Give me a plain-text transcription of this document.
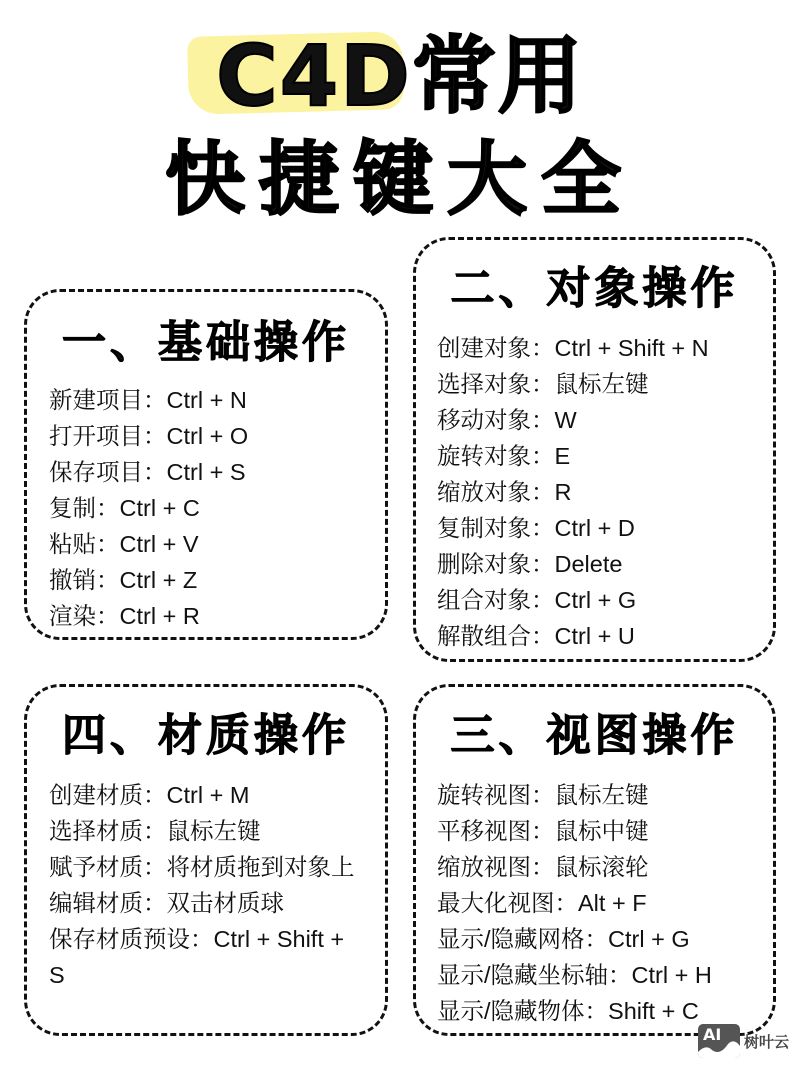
C4D常用
快捷键大全
一、基础操作
新建项目：Ctrl + N
打开项目：Ctrl + O
保存项目：Ctrl + S
复制：Ctrl + C
粘贴：Ctrl + V
撤销：Ctrl + Z
渲染：Ctrl + R
二、对象操作
创建对象：Ctrl + Shift + N
选择对象：鼠标左键
移动对象：W
旋转对象：E
缩放对象：R
复制对象：Ctrl + D
删除对象：Delete
组合对象：Ctrl + G
解散组合：Ctrl + U
四、材质操作
创建材质：Ctrl + M
选择材质：鼠标左键
赋予材质：将材质拖到对象上
编辑材质：双击材质球
保存材质预设：Ctrl + Shift + S
三、视图操作
旋转视图：鼠标左键
平移视图：鼠标中键
缩放视图：鼠标滚轮
最大化视图：Alt + F
显示/隐藏网格：Ctrl + G
显示/隐藏坐标轴：Ctrl + H
显示/隐藏物体：Shift + C
AI 树叶云
